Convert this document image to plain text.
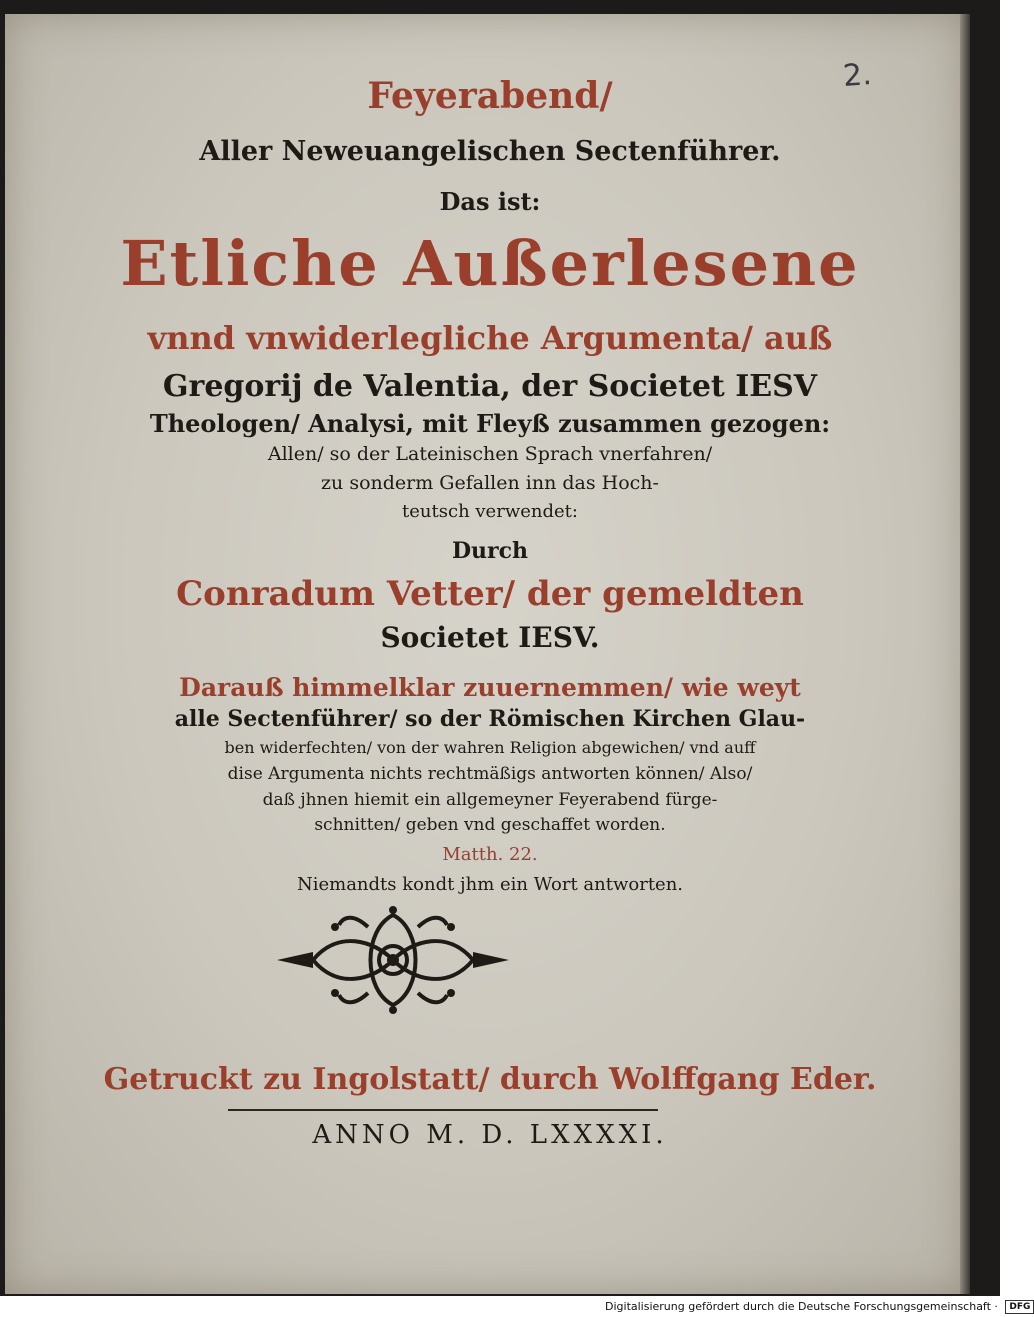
2.

Feyerabend/

Aller Neweuangelischen Sectenführer.

Das ist:

Etliche Außerlesene

vnnd vnwiderlegliche Argumenta/ auß

Gregorij de Valentia, der Societet IESV

Theologen/ Analysi, mit Fleyß zusammen gezogen:

Allen/ so der Lateinischen Sprach vnerfahren/

zu sonderm Gefallen inn das Hoch-

teutsch verwendet:

Durch

Conradum Vetter/ der gemeldten

Societet IESV.

Darauß himmelklar zuuernemmen/ wie weyt

alle Sectenführer/ so der Römischen Kirchen Glau-

ben widerfechten/ von der wahren Religion abgewichen/ vnd auff

dise Argumenta nichts rechtmäßigs antworten können/ Also/

daß jhnen hiemit ein allgemeyner Feyerabend fürge-

schnitten/ geben vnd geschaffet worden.

Matth. 22.

Niemandts kondt jhm ein Wort antworten.

Getruckt zu Ingolstatt/ durch Wolffgang Eder.

ANNO M. D. LXXXXI.

Digitalisierung gefördert durch die Deutsche Forschungsgemeinschaft · DFG
